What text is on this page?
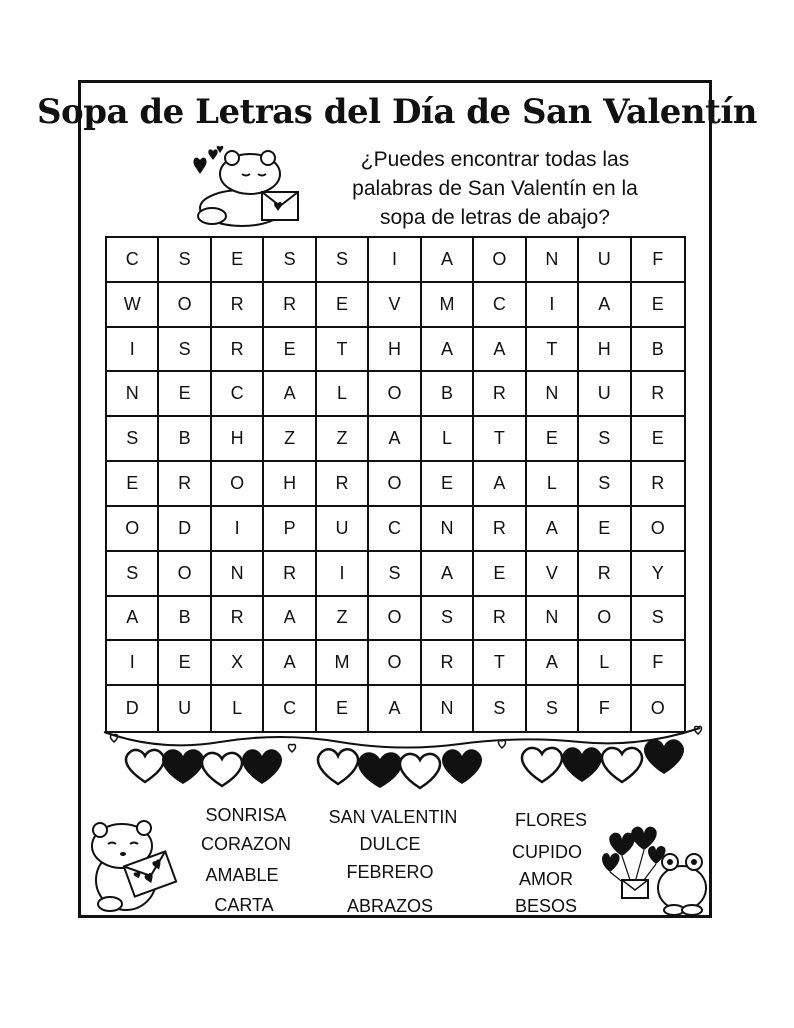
Sopa de Letras del Día de San Valentín
¿Puedes encontrar todas las
palabras de San Valentín en la
sopa de letras de abajo?
C	S	E	S	S	I	A	O	N	U	F
W	O	R	R	E	V	M	C	I	A	E
I	S	R	E	T	H	A	A	T	H	B
N	E	C	A	L	O	B	R	N	U	R
S	B	H	Z	Z	A	L	T	E	S	E
E	R	O	H	R	O	E	A	L	S	R
O	D	I	P	U	C	N	R	A	E	O
S	O	N	R	I	S	A	E	V	R	Y
A	B	R	A	Z	O	S	R	N	O	S
I	E	X	A	M	O	R	T	A	L	F
D	U	L	C	E	A	N	S	S	F	O
SONRISA
CORAZON
AMABLE
CARTA
SAN VALENTIN
DULCE
FEBRERO
ABRAZOS
FLORES
CUPIDO
AMOR
BESOS
